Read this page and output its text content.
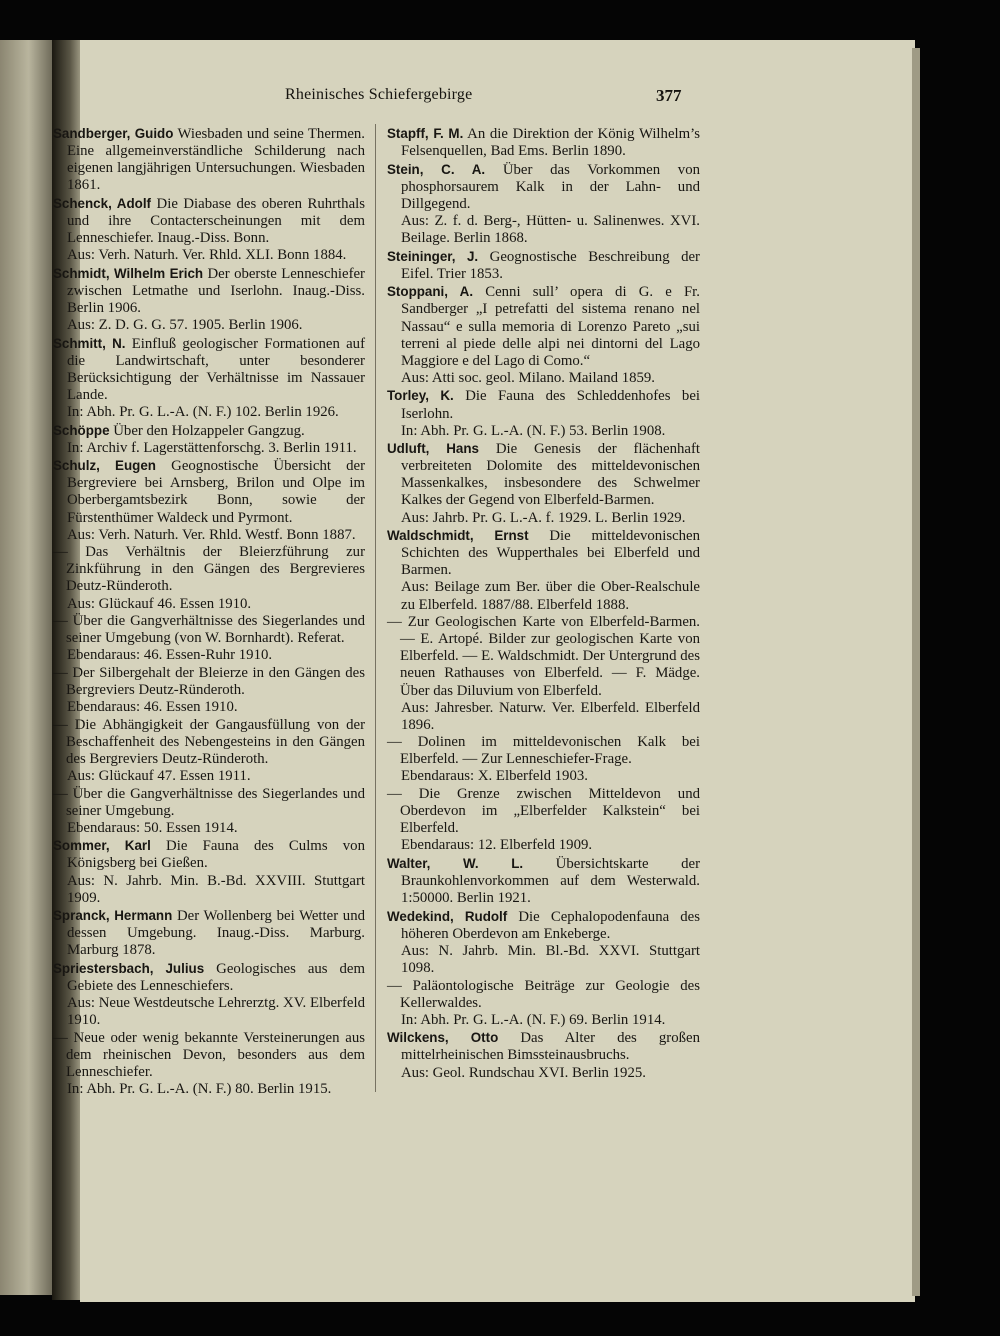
Rheinisches Schiefergebirge	377
Sandberger, Guido Wiesbaden und seine Thermen. Eine allgemeinverständliche Schilderung nach eigenen langjährigen Untersuchungen. Wiesbaden 1861.
Schenck, Adolf Die Diabase des oberen Ruhrthals und ihre Contacterscheinungen mit dem Lenneschiefer. Inaug.-Diss. Bonn.
Aus: Verh. Naturh. Ver. Rhld. XLI. Bonn 1884.
Schmidt, Wilhelm Erich Der oberste Lenneschiefer zwischen Letmathe und Iserlohn. Inaug.-Diss. Berlin 1906.
Aus: Z. D. G. G. 57. 1905. Berlin 1906.
Schmitt, N. Einfluß geologischer Formationen auf die Landwirtschaft, unter besonderer Berücksichtigung der Verhältnisse im Nassauer Lande.
In: Abh. Pr. G. L.-A. (N. F.) 102. Berlin 1926.
Schöppe Über den Holzappeler Gangzug.
In: Archiv f. Lagerstättenforschg. 3. Berlin 1911.
Schulz, Eugen Geognostische Übersicht der Bergreviere bei Arnsberg, Brilon und Olpe im Oberbergamtsbezirk Bonn, sowie der Fürstenthümer Waldeck und Pyrmont.
Aus: Verh. Naturh. Ver. Rhld. Westf. Bonn 1887.
— Das Verhältnis der Bleierzführung zur Zinkführung in den Gängen des Bergrevieres Deutz-Ründeroth.
Aus: Glückauf 46. Essen 1910.
— Über die Gangverhältnisse des Siegerlandes und seiner Umgebung (von W. Bornhardt). Referat.
Ebendaraus: 46. Essen-Ruhr 1910.
— Der Silbergehalt der Bleierze in den Gängen des Bergreviers Deutz-Ründeroth.
Ebendaraus: 46. Essen 1910.
— Die Abhängigkeit der Gangausfüllung von der Beschaffenheit des Nebengesteins in den Gängen des Bergreviers Deutz-Ründeroth.
Aus: Glückauf 47. Essen 1911.
— Über die Gangverhältnisse des Siegerlandes und seiner Umgebung.
Ebendaraus: 50. Essen 1914.
Sommer, Karl Die Fauna des Culms von Königsberg bei Gießen.
Aus: N. Jahrb. Min. B.-Bd. XXVIII. Stuttgart 1909.
Spranck, Hermann Der Wollenberg bei Wetter und dessen Umgebung. Inaug.-Diss. Marburg. Marburg 1878.
Spriestersbach, Julius Geologisches aus dem Gebiete des Lenneschiefers.
Aus: Neue Westdeutsche Lehrerztg. XV. Elberfeld 1910.
— Neue oder wenig bekannte Versteinerungen aus dem rheinischen Devon, besonders aus dem Lenneschiefer.
In: Abh. Pr. G. L.-A. (N. F.) 80. Berlin 1915.
Stapff, F. M. An die Direktion der König Wilhelm’s Felsenquellen, Bad Ems. Berlin 1890.
Stein, C. A. Über das Vorkommen von phosphorsaurem Kalk in der Lahn- und Dillgegend.
Aus: Z. f. d. Berg-, Hütten- u. Salinenwes. XVI. Beilage. Berlin 1868.
Steininger, J. Geognostische Beschreibung der Eifel. Trier 1853.
Stoppani, A. Cenni sull’ opera di G. e Fr. Sandberger „I petrefatti del sistema renano nel Nassau“ e sulla memoria di Lorenzo Pareto „sui terreni al piede delle alpi nei dintorni del Lago Maggiore e del Lago di Como.“
Aus: Atti soc. geol. Milano. Mailand 1859.
Torley, K. Die Fauna des Schleddenhofes bei Iserlohn.
In: Abh. Pr. G. L.-A. (N. F.) 53. Berlin 1908.
Udluft, Hans Die Genesis der flächenhaft verbreiteten Dolomite des mitteldevonischen Massenkalkes, insbesondere des Schwelmer Kalkes der Gegend von Elberfeld-Barmen.
Aus: Jahrb. Pr. G. L.-A. f. 1929. L. Berlin 1929.
Waldschmidt, Ernst Die mitteldevonischen Schichten des Wupperthales bei Elberfeld und Barmen.
Aus: Beilage zum Ber. über die Ober-Realschule zu Elberfeld. 1887/88. Elberfeld 1888.
— Zur Geologischen Karte von Elberfeld-Barmen. — E. Artopé. Bilder zur geologischen Karte von Elberfeld. — E. Waldschmidt. Der Untergrund des neuen Rathauses von Elberfeld. — F. Mädge. Über das Diluvium von Elberfeld.
Aus: Jahresber. Naturw. Ver. Elberfeld. Elberfeld 1896.
— Dolinen im mitteldevonischen Kalk bei Elberfeld. — Zur Lenneschiefer-Frage.
Ebendaraus: X. Elberfeld 1903.
— Die Grenze zwischen Mitteldevon und Oberdevon im „Elberfelder Kalkstein“ bei Elberfeld.
Ebendaraus: 12. Elberfeld 1909.
Walter, W. L. Übersichtskarte der Braunkohlenvorkommen auf dem Westerwald. 1:50000. Berlin 1921.
Wedekind, Rudolf Die Cephalopodenfauna des höheren Oberdevon am Enkeberge.
Aus: N. Jahrb. Min. Bl.-Bd. XXVI. Stuttgart 1098.
— Paläontologische Beiträge zur Geologie des Kellerwaldes.
In: Abh. Pr. G. L.-A. (N. F.) 69. Berlin 1914.
Wilckens, Otto Das Alter des großen mittelrheinischen Bimssteinausbruchs.
Aus: Geol. Rundschau XVI. Berlin 1925.
